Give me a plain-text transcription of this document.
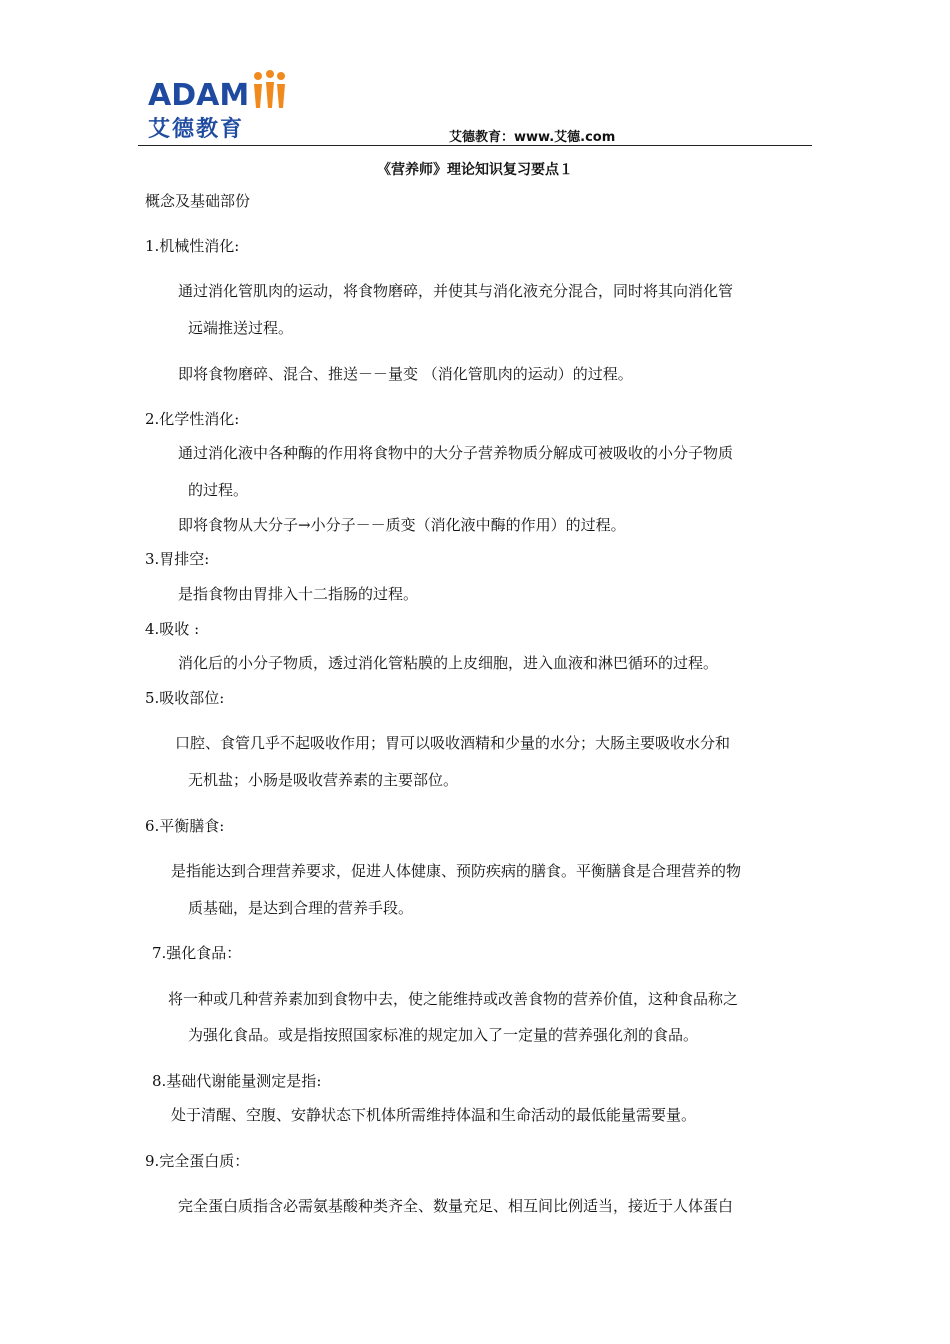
ADAM
艾德教育	艾德教育：www.艾德.com
《营养师》理论知识复习要点１
概念及基础部份
1.机械性消化:
通过消化管肌肉的运动，将食物磨碎，并使其与消化液充分混合，同时将其向消化管
远端推送过程。
即将食物磨碎、混合、推送－－量变 （消化管肌肉的运动）的过程。
2.化学性消化:
通过消化液中各种酶的作用将食物中的大分子营养物质分解成可被吸收的小分子物质
的过程。
即将食物从大分子→小分子－－质变（消化液中酶的作用）的过程。
3.胃排空:
是指食物由胃排入十二指肠的过程。
4.吸收 :
消化后的小分子物质，透过消化管粘膜的上皮细胞，进入血液和淋巴循环的过程。
5.吸收部位:
口腔、食管几乎不起吸收作用；胃可以吸收酒精和少量的水分；大肠主要吸收水分和
无机盐；小肠是吸收营养素的主要部位。
6.平衡膳食:
是指能达到合理营养要求，促进人体健康、预防疾病的膳食。平衡膳食是合理营养的物
质基础，是达到合理的营养手段。
7.强化食品：
将一种或几种营养素加到食物中去，使之能维持或改善食物的营养价值，这种食品称之
为强化食品。或是指按照国家标准的规定加入了一定量的营养强化剂的食品。
8.基础代谢能量测定是指:
处于清醒、空腹、安静状态下机体所需维持体温和生命活动的最低能量需要量。
9.完全蛋白质：
完全蛋白质指含必需氨基酸种类齐全、数量充足、相互间比例适当，接近于人体蛋白
